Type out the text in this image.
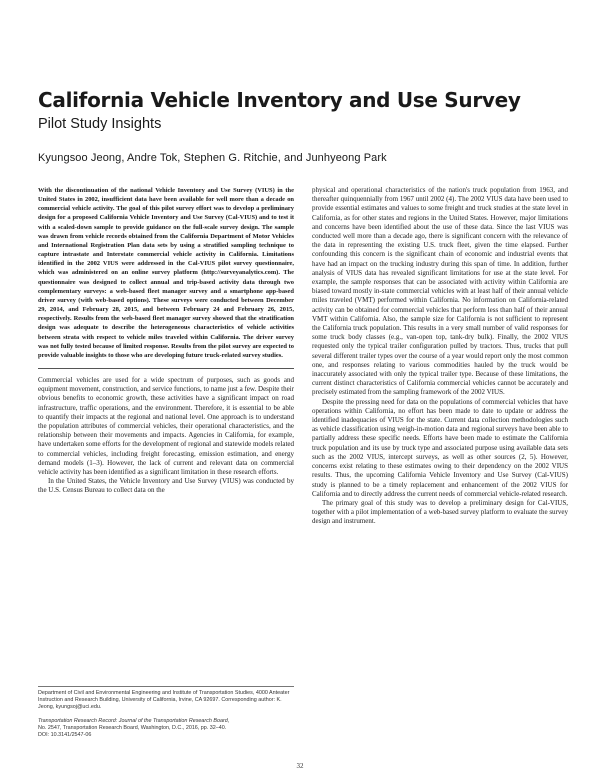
California Vehicle Inventory and Use Survey
Pilot Study Insights
Kyungsoo Jeong, Andre Tok, Stephen G. Ritchie, and Junhyeong Park

With the discontinuation of the national Vehicle Inventory and Use Survey (VIUS) in the United States in 2002, insufficient data have been available for well more than a decade on commercial vehicle activity. The goal of this pilot survey effort was to develop a preliminary design for a proposed California Vehicle Inventory and Use Survey (Cal-VIUS) and to test it with a scaled-down sample to provide guidance on the full-scale survey design. The sample was drawn from vehicle records obtained from the California Department of Motor Vehicles and International Registration Plan data sets by using a stratified sampling technique to capture intrastate and Interstate commercial vehicle activity in California. Limitations identified in the 2002 VIUS were addressed in the Cal-VIUS pilot survey questionnaire, which was administered on an online survey platform (http://surveyanalytics.com). The questionnaire was designed to collect annual and trip-based activity data through two complementary surveys: a web-based fleet manager survey and a smartphone app-based driver survey (with web-based options). These surveys were conducted between December 29, 2014, and February 28, 2015, and between February 24 and February 26, 2015, respectively. Results from the web-based fleet manager survey showed that the stratification design was adequate to describe the heterogeneous characteristics of vehicle activities between strata with respect to vehicle miles traveled within California. The driver survey was not fully tested because of limited response. Results from the pilot survey are expected to provide valuable insights to those who are developing future truck-related survey studies.

Commercial vehicles are used for a wide spectrum of purposes, such as goods and equipment movement, construction, and service functions, to name just a few. Despite their obvious benefits to economic growth, these activities have a significant impact on road infrastructure, traffic operations, and the environment. Therefore, it is essential to be able to quantify their impacts at the regional and national level. One approach is to understand the population attributes of commercial vehicles, their operational characteristics, and the relationship between their movements and impacts. Agencies in California, for example, have undertaken some efforts for the development of regional and statewide models related to commercial vehicles, including freight forecasting, emission estimation, and energy demand models (1–3). However, the lack of current and relevant data on commercial vehicle activity has been identified as a significant limitation in these research efforts.

In the United States, the Vehicle Inventory and Use Survey (VIUS) was conducted by the U.S. Census Bureau to collect data on the

physical and operational characteristics of the nation's truck population from 1963, and thereafter quinquennially from 1967 until 2002 (4). The 2002 VIUS data have been used to provide essential estimates and values to some freight and truck studies at the state level in California, as for other states and regions in the United States. However, major limitations and concerns have been identified about the use of these data. Since the last VIUS was conducted well more than a decade ago, there is significant concern with the relevance of the data in representing the existing U.S. truck fleet, given the time elapsed. Further confounding this concern is the significant chain of economic and industrial events that have had an impact on the trucking industry during this span of time. In addition, further analysis of VIUS data has revealed significant limitations for use at the state level. For example, the sample responses that can be associated with activity within California are biased toward mostly in-state commercial vehicles with at least half of their annual vehicle miles traveled (VMT) performed within California. No information on California-related activity can be obtained for commercial vehicles that perform less than half of their annual VMT within California. Also, the sample size for California is not sufficient to represent the California truck population. This results in a very small number of valid responses for some truck body classes (e.g., van-open top, tank-dry bulk). Finally, the 2002 VIUS requested only the typical trailer configuration pulled by tractors. Thus, trucks that pull several different trailer types over the course of a year would report only the most common one, and responses relating to various commodities hauled by the truck would be inaccurately associated with only the typical trailer type. Because of these limitations, the current distinct characteristics of California commercial vehicles cannot be accurately and precisely estimated from the sampling framework of the 2002 VIUS.

Despite the pressing need for data on the populations of commercial vehicles that have operations within California, no effort has been made to date to update or address the identified inadequacies of VIUS for the state. Current data collection methodologies such as vehicle classification using weigh-in-motion data and regional surveys have been able to partially address these specific needs. Efforts have been made to estimate the California truck population and its use by truck type and associated purpose using available data sets such as the 2002 VIUS, intercept surveys, as well as other sources (2, 5). However, concerns exist relating to these estimates owing to their dependency on the 2002 VIUS results. Thus, the upcoming California Vehicle Inventory and Use Survey (Cal-VIUS) study is planned to be a timely replacement and enhancement of the 2002 VIUS for California and to directly address the current needs of commercial vehicle-related research.

The primary goal of this study was to develop a preliminary design for Cal-VIUS, together with a pilot implementation of a web-based survey platform to evaluate the survey design and instrument.

Department of Civil and Environmental Engineering and Institute of Transportation Studies, 4000 Anteater Instruction and Research Building, University of California, Irvine, CA 92697. Corresponding author: K. Jeong, kyungsoj@uci.edu.

Transportation Research Record: Journal of the Transportation Research Board,

No. 2547, Transportation Research Board, Washington, D.C., 2016, pp. 32–40.

DOI: 10.3141/2547-06

32
